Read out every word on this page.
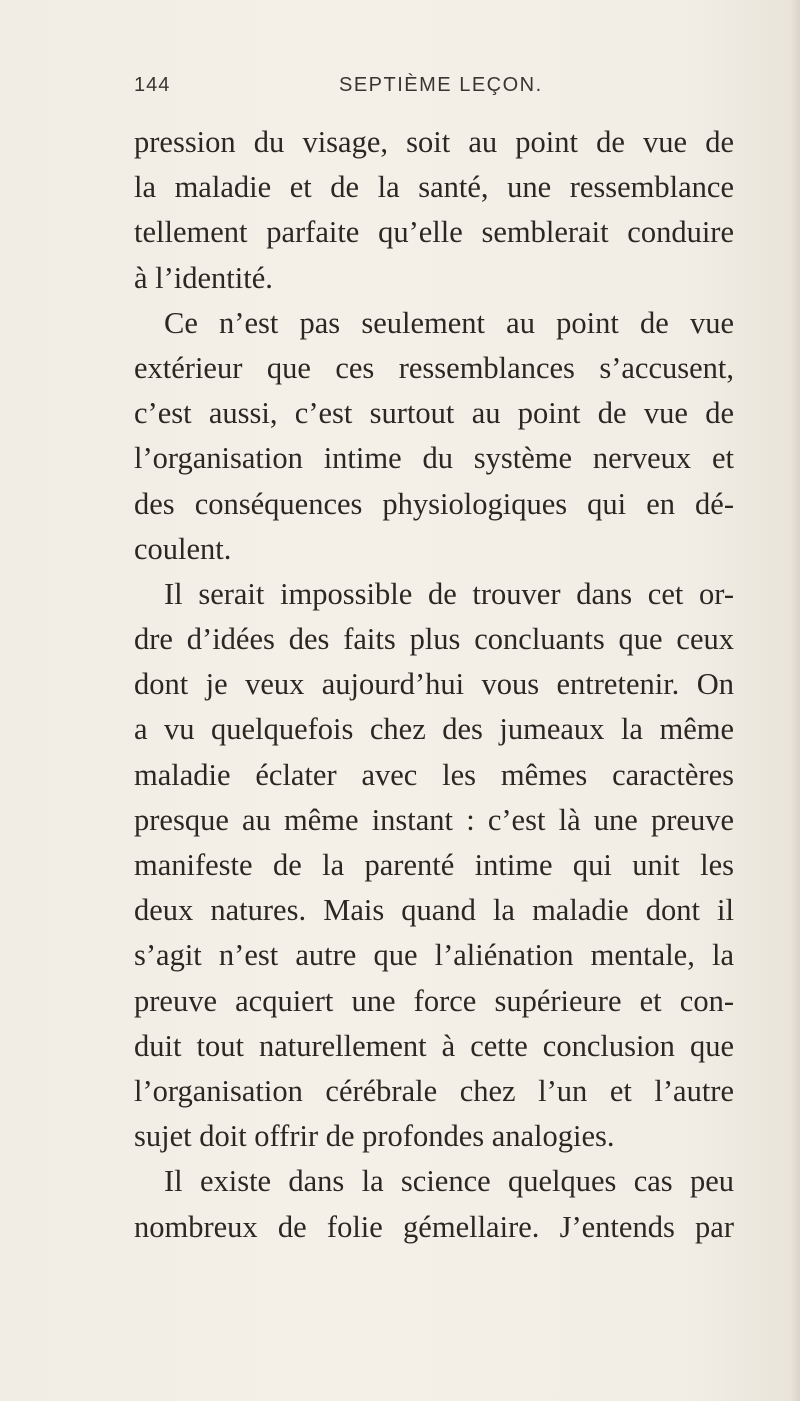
144	SEPTIÈME LEÇON.
pression du visage, soit au point de vue de
la maladie et de la santé, une ressemblance
tellement parfaite qu’elle semblerait conduire
à l’identité.
Ce n’est pas seulement au point de vue
extérieur que ces ressemblances s’accusent,
c’est aussi, c’est surtout au point de vue de
l’organisation intime du système nerveux et
des conséquences physiologiques qui en dé-
coulent.
Il serait impossible de trouver dans cet or-
dre d’idées des faits plus concluants que ceux
dont je veux aujourd’hui vous entretenir. On
a vu quelquefois chez des jumeaux la même
maladie éclater avec les mêmes caractères
presque au même instant : c’est là une preuve
manifeste de la parenté intime qui unit les
deux natures. Mais quand la maladie dont il
s’agit n’est autre que l’aliénation mentale, la
preuve acquiert une force supérieure et con-
duit tout naturellement à cette conclusion que
l’organisation cérébrale chez l’un et l’autre
sujet doit offrir de profondes analogies.
Il existe dans la science quelques cas peu
nombreux de folie gémellaire. J’entends par
